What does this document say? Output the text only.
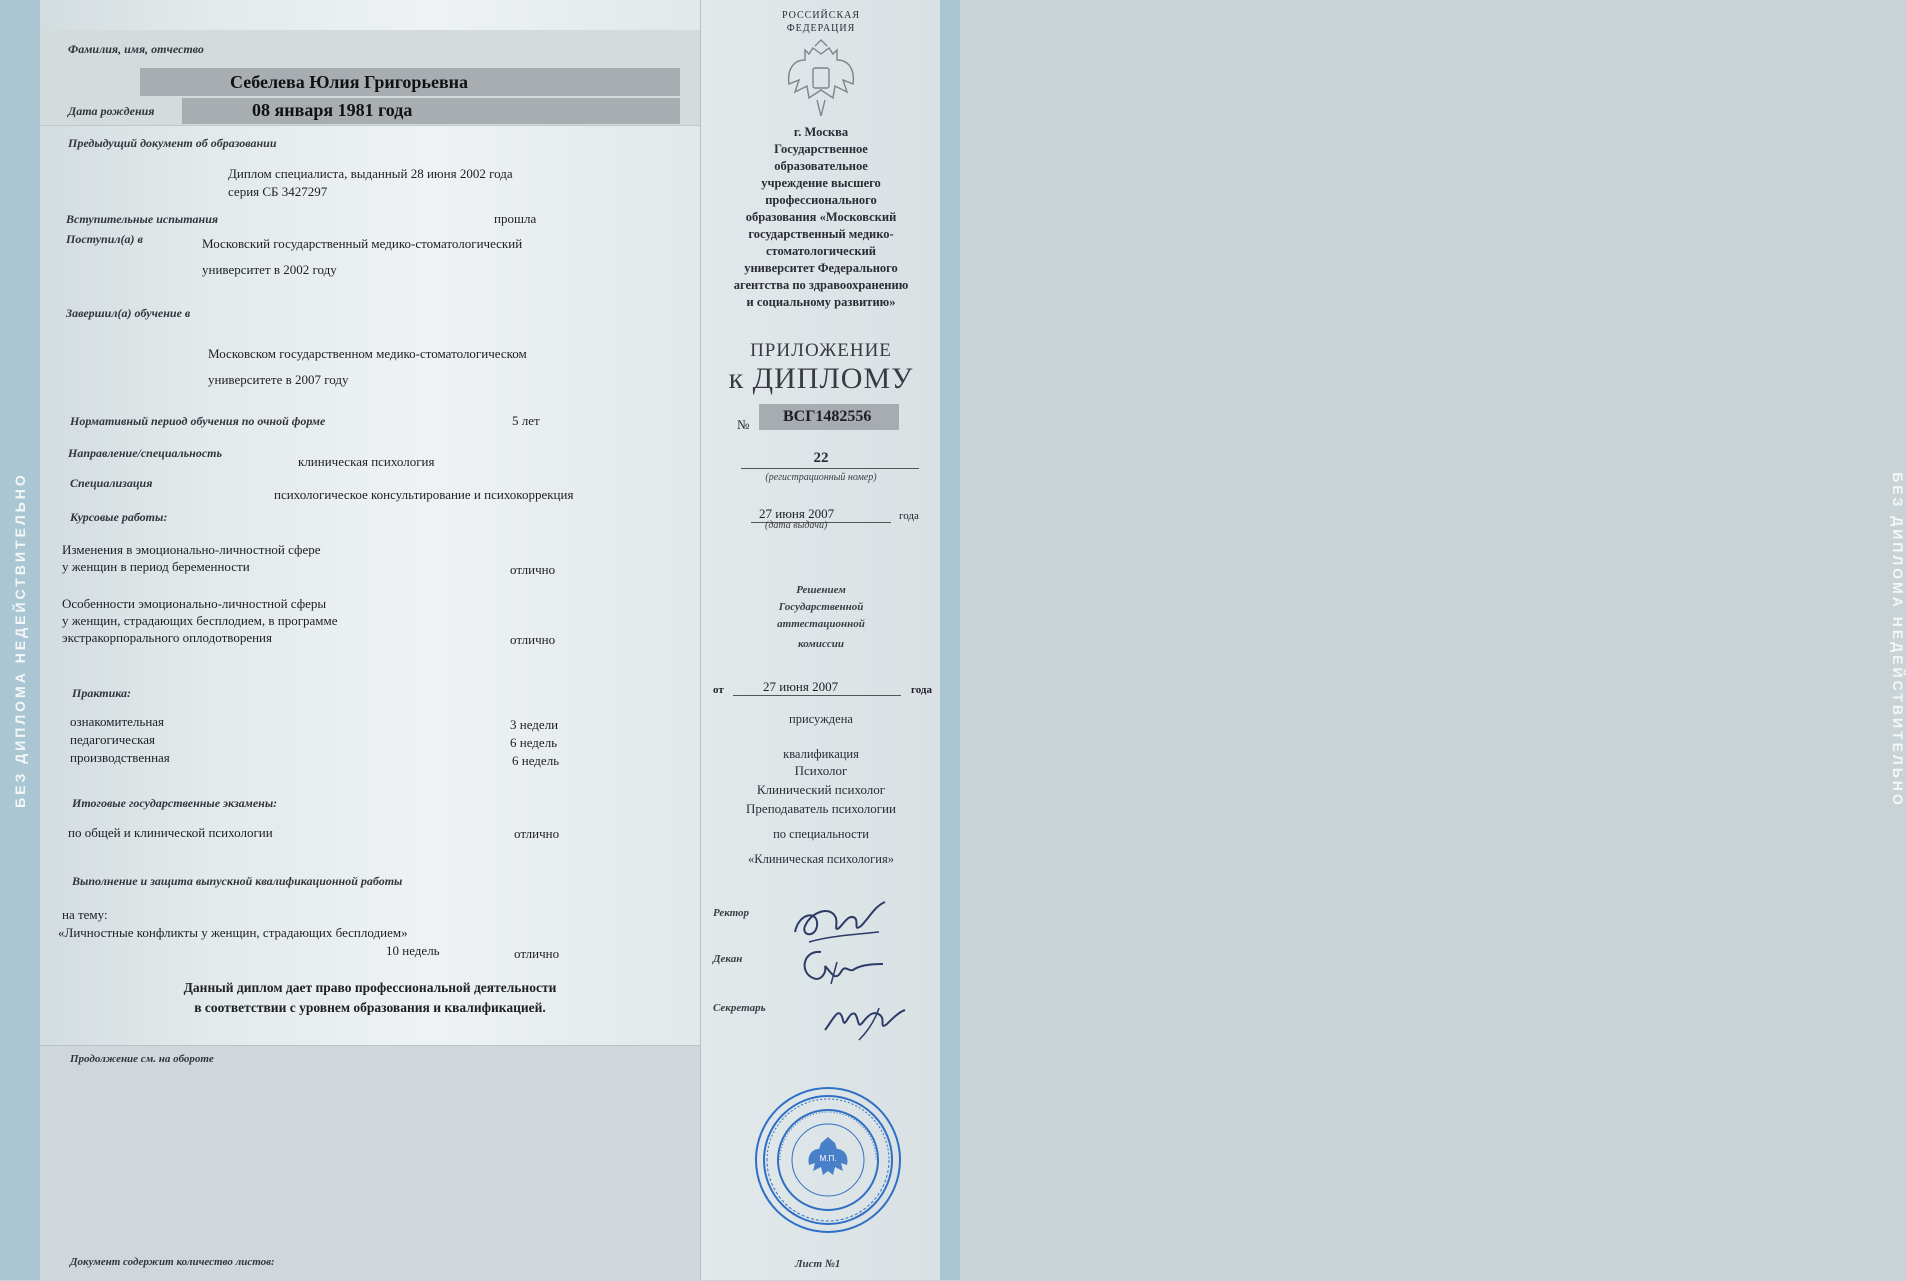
БЕЗ ДИПЛОМА НЕДЕЙСТВИТЕЛЬНО	БЕЗ ДИПЛОМА НЕДЕЙСТВИТЕЛЬНО
Фамилия, имя, отчество
Себелева Юлия Григорьевна
Дата рождения	08 января 1981 года
Предыдущий документ об образовании
Диплом специалиста, выданный 28 июня 2002 года
серия СБ 3427297
Вступительные испытания	прошла
Поступил(а) в	Московский государственный медико-стоматологический
университет в 2002 году
Завершил(а) обучение в
Московском государственном медико-стоматологическом
университете в 2007 году
Нормативный период обучения по очной форме	5 лет
Направление/специальность
клиническая психология
Специализация
психологическое консультирование и психокоррекция
Курсовые работы:
Изменения в эмоционально-личностной сфере
у женщин в период беременности	отлично
Особенности эмоционально-личностной сферы
у женщин, страдающих бесплодием, в программе
экстракорпорального оплодотворения	отлично
Практика:
ознакомительная	3 недели
педагогическая	6 недель
производственная	6 недель
Итоговые государственные экзамены:
по общей и клинической психологии	отлично
Выполнение и защита выпускной квалификационной работы
на тему:
«Личностные конфликты у женщин, страдающих бесплодием»
10 недель	отлично
Данный диплом дает право профессиональной деятельности
в соответствии с уровнем образования и квалификацией.
Продолжение см. на обороте
Документ содержит количество листов:
РОССИЙСКАЯ
ФЕДЕРАЦИЯ
г. Москва
Государственное
образовательное
учреждение высшего
профессионального
образования «Московский
государственный медико-
стоматологический
университет Федерального
агентства по здравоохранению
и социальному развитию»
ПРИЛОЖЕНИЕ
к ДИПЛОМУ
№ ВСГ1482556
22
(регистрационный номер)
27 июня 2007	года
(дата выдачи)
Решением
Государственной
аттестационной
комиссии
от	27 июня 2007	года
присуждена
квалификация
Психолог
Клинический психолог
Преподаватель психологии
по специальности
«Клиническая психология»
Ректор
Декан
Секретарь
М.П.
Лист №1
